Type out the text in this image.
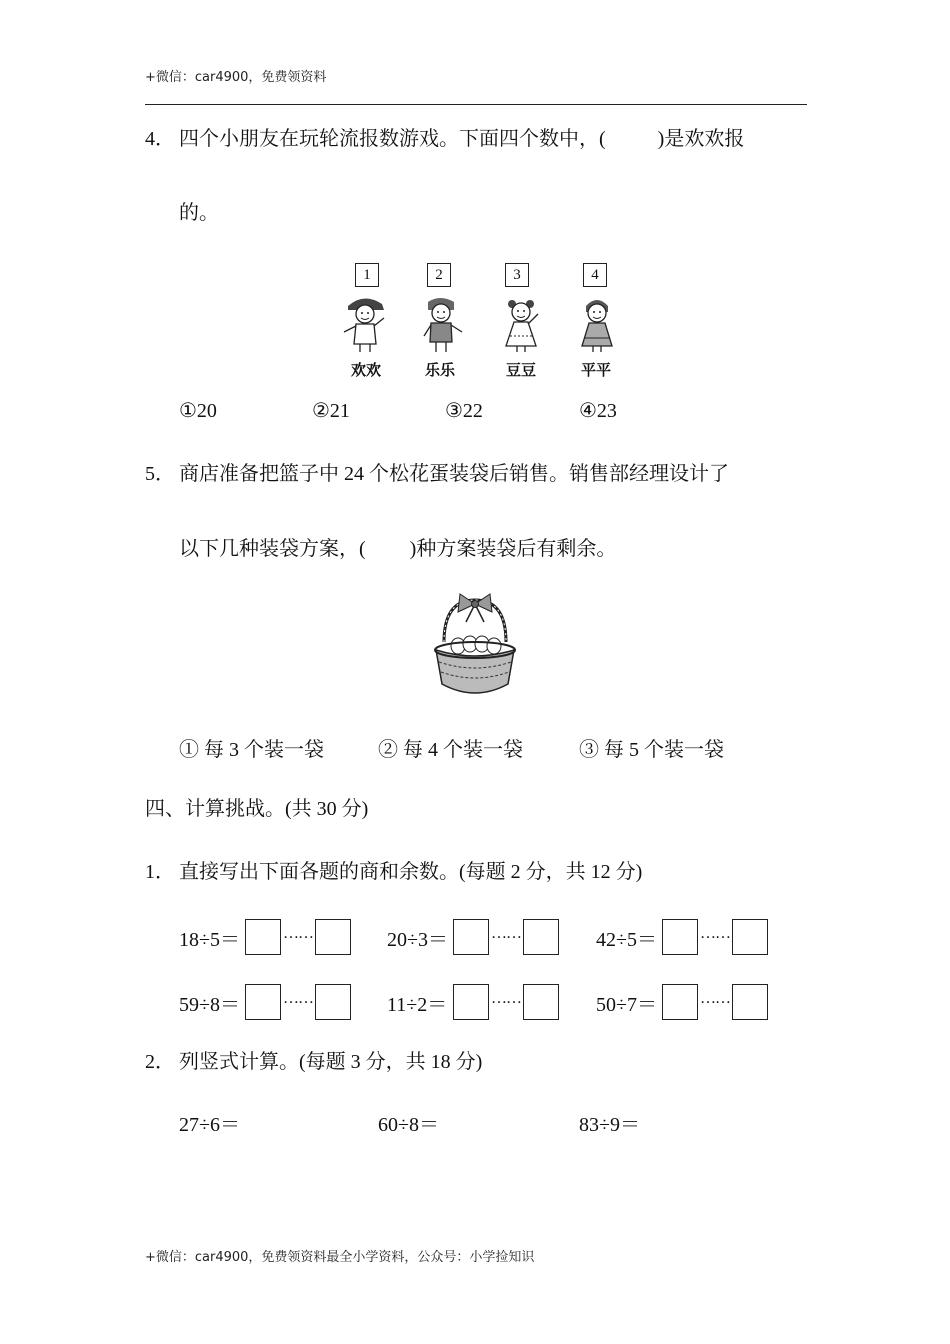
+微信：car4900，免费领资料
4． 四个小朋友在玩轮流报数游戏。下面四个数中，(	)是欢欢报
的。
1
欢欢
2
乐乐
3
豆豆
4
平平
①20	②21	③22	④23
5． 商店准备把篮子中 24 个松花蛋装袋后销售。销售部经理设计了
以下几种装袋方案，( )种方案装袋后有剩余。
① 每 3 个装一袋	② 每 4 个装一袋	③ 每 5 个装一袋
四、计算挑战。(共 30 分)
1． 直接写出下面各题的商和余数。(每题 2 分，共 12 分)
18÷5＝	……	20÷3＝	……	42÷5＝	……
59÷8＝	……	11÷2＝	……	50÷7＝	……
2． 列竖式计算。(每题 3 分，共 18 分)
27÷6＝	60÷8＝	83÷9＝
+微信：car4900，免费领资料最全小学资料，公众号：小学捡知识
